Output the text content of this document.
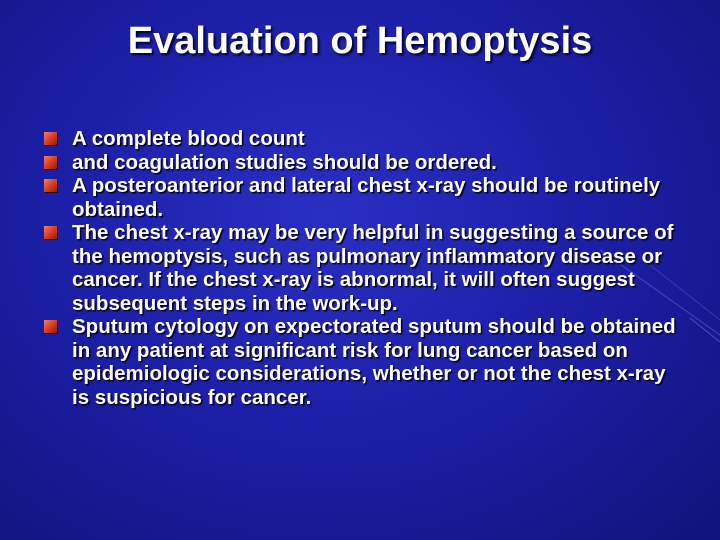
Evaluation of Hemoptysis
A complete blood count
and coagulation studies should be ordered.
A posteroanterior and lateral chest x-ray should be routinely obtained.
The chest x-ray may be very helpful in suggesting a source of the hemoptysis, such as pulmonary inflammatory disease or cancer. If the chest x-ray is abnormal, it will often suggest subsequent steps in the work-up.
Sputum cytology on expectorated sputum should be obtained in any patient at significant risk for lung cancer based on epidemiologic considerations, whether or not the chest x-ray is suspicious for cancer.
